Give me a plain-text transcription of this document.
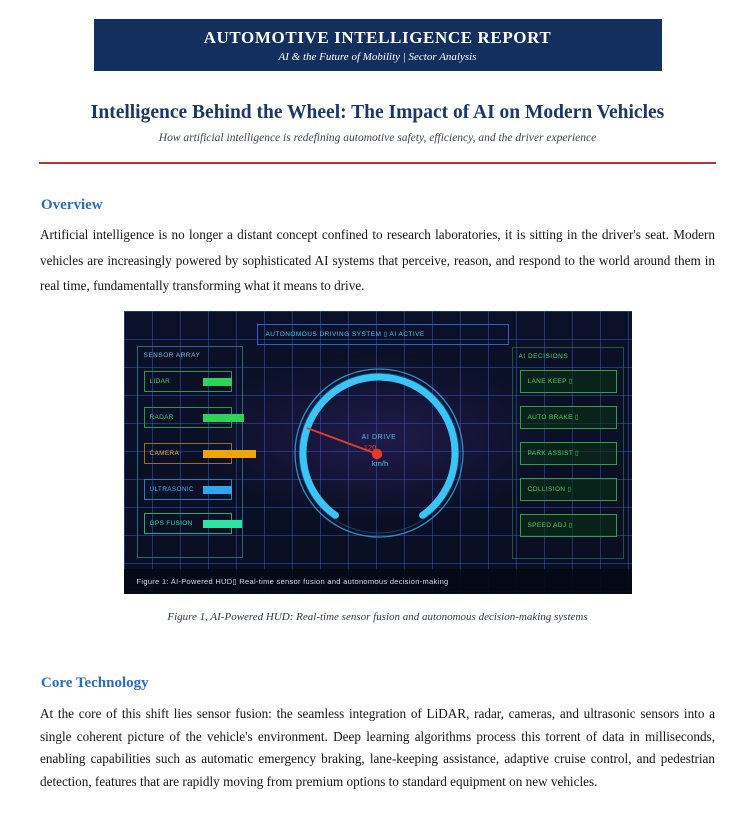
AUTOMOTIVE INTELLIGENCE REPORT
AI & the Future of Mobility | Sector Analysis
Intelligence Behind the Wheel: The Impact of AI on Modern Vehicles
How artificial intelligence is redefining automotive safety, efficiency, and the driver experience
Overview

Artificial intelligence is no longer a distant concept confined to research laboratories, it is sitting in the driver's seat. Modern vehicles are increasingly powered by sophisticated AI systems that perceive, reason, and respond to the world around them in real time, fundamentally transforming what it means to drive.

AUTONOMOUS DRIVING SYSTEM ▯ AI ACTIVE
SENSOR ARRAY
LIDAR
RADAR
CAMERA
ULTRASONIC
GPS FUSION
AI DRIVE
120
km/h
AI DECISIONS
LANE KEEP ▯
AUTO BRAKE ▯
PARK ASSIST ▯
COLLISION ▯
SPEED ADJ ▯
Figure 1: AI-Powered HUD▯ Real-time sensor fusion and autonomous decision-making
Figure 1, AI-Powered HUD: Real-time sensor fusion and autonomous decision-making systems
Core Technology

At the core of this shift lies sensor fusion: the seamless integration of LiDAR, radar, cameras, and ultrasonic sensors into a single coherent picture of the vehicle's environment. Deep learning algorithms process this torrent of data in milliseconds, enabling capabilities such as automatic emergency braking, lane-keeping assistance, adaptive cruise control, and pedestrian detection, features that are rapidly moving from premium options to standard equipment on new vehicles.
